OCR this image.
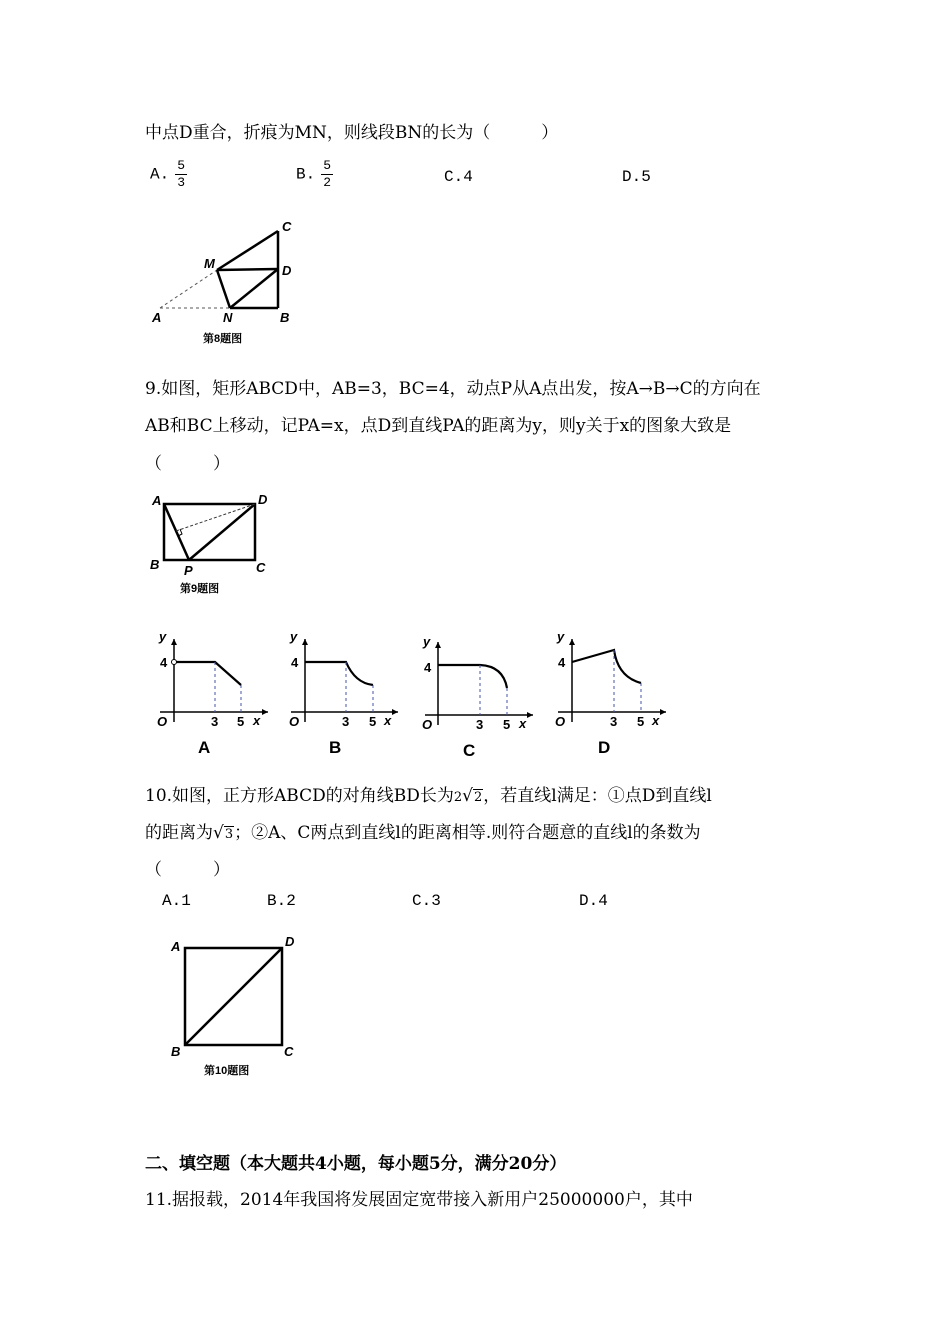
中点D重合，折痕为MN，则线段BN的长为（　　　）
A. $\frac{5}{3}$	B. $\frac{5}{2}$	C.4	D.5
A	N	B
C
D
M
第8题图
9.如图，矩形ABCD中，AB=3，BC=4，动点P从A点出发，按A→B→C的方向在
AB和BC上移动，记PA=x，点D到直线PA的距离为y，则y关于x的图象大致是
（　　　）
A	D
B P	C
第9题图
y
4
O	3 5 x
A
y
4
O	3 5 x
B
y
4
O	3 5 x
C
y
4
O	3 5 x
D
10.如图，正方形ABCD的对角线BD长为2√2，若直线l满足：①点D到直线l
的距离为√3；②A、C两点到直线l的距离相等.则符合题意的直线l的条数为
（　　　）
A.1	B.2	C.3	D.4
A	D
B	C
第10题图
二、填空题（本大题共4小题，每小题5分，满分20分）
11.据报载，2014年我国将发展固定宽带接入新用户25000000户，其中
